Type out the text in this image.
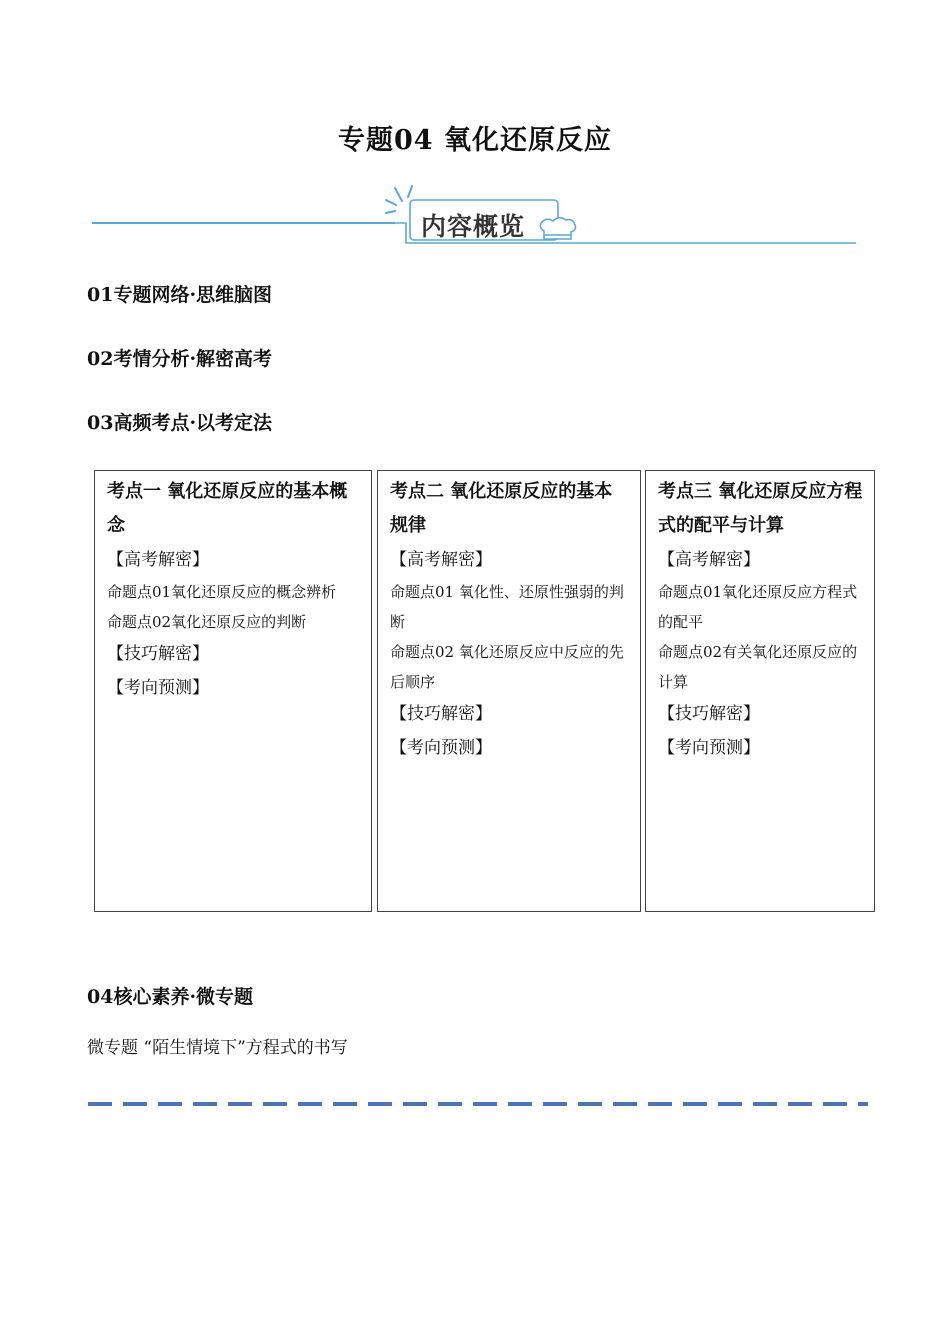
专题04 氧化还原反应
内容概览
01专题网络·思维脑图
02考情分析·解密高考
03高频考点·以考定法
考点一 氧化还原反应的基本概念
【高考解密】
命题点01氧化还原反应的概念辨析
命题点02氧化还原反应的判断
【技巧解密】
【考向预测】
考点二 氧化还原反应的基本规律
【高考解密】
命题点01 氧化性、还原性强弱的判断
命题点02 氧化还原反应中反应的先后顺序
【技巧解密】
【考向预测】
考点三 氧化还原反应方程式的配平与计算
【高考解密】
命题点01氧化还原反应方程式的配平
命题点02有关氧化还原反应的计算
【技巧解密】
【考向预测】
04核心素养·微专题
微专题 “陌生情境下”方程式的书写
